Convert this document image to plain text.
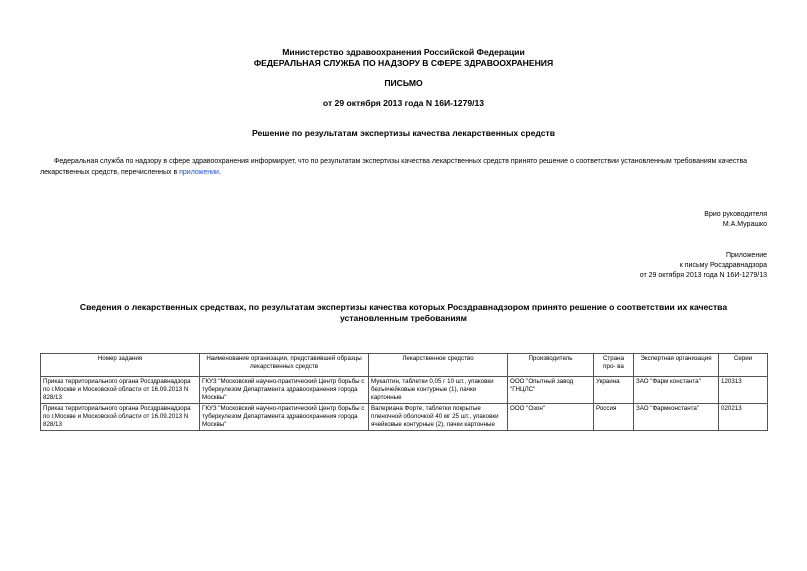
Министерство здравоохранения Российской Федерации
ФЕДЕРАЛЬНАЯ СЛУЖБА ПО НАДЗОРУ В СФЕРЕ ЗДРАВООХРАНЕНИЯ
ПИСЬМО
от 29 октября 2013 года N 16И-1279/13
Решение по результатам экспертизы качества лекарственных средств
Федеральная служба по надзору в сфере здравоохранения информирует, что по результатам экспертизы качества лекарственных средств принято решение о соответствии установленным требованиям качества лекарственных средств, перечисленных в приложении.
Врио руководителя
М.А.Мурашко
Приложение
к письму Росздравнадзора
от 29 октября 2013 года N 16И-1279/13
Сведения о лекарственных средствах, по результатам экспертизы качества которых Росздравнадзором принято решение о соответствии их качества установленным требованиям
Номер задания	Наименование организации, представившей образцы лекарственных средств	Лекарственное средство	Производитель	Страна про- ва	Экспертная организация	Серии
Приказ территориального органа Росздравнадзора по г.Москве и Московской области от 16.09.2013 N 828/13	ГКУЗ "Московский научно-практический Центр борьбы с туберкулезом Департамента здравоохранения города Москвы"	Мукалтин, таблетки 0,05 г 10 шт., упаковки безъячейковые контурные (1), пачки картонные	ООО "Опытный завод "ГНЦЛС"	Украина	ЗАО "Фарм константа"	120313
Приказ территориального органа Росздравнадзора по г.Москве и Московской области от 16.09.2013 N 828/13	ГКУЗ "Московский научно-практический Центр борьбы с туберкулезом Департамента здравоохранения города Москвы"	Валериана Форте, таблетки покрытые пленочной оболочкой 40 мг 25 шт., упаковки ячейковые контурные (2), пачки картонные	ООО "Озон"	Россия	ЗАО "Фармконстанта"	020213
